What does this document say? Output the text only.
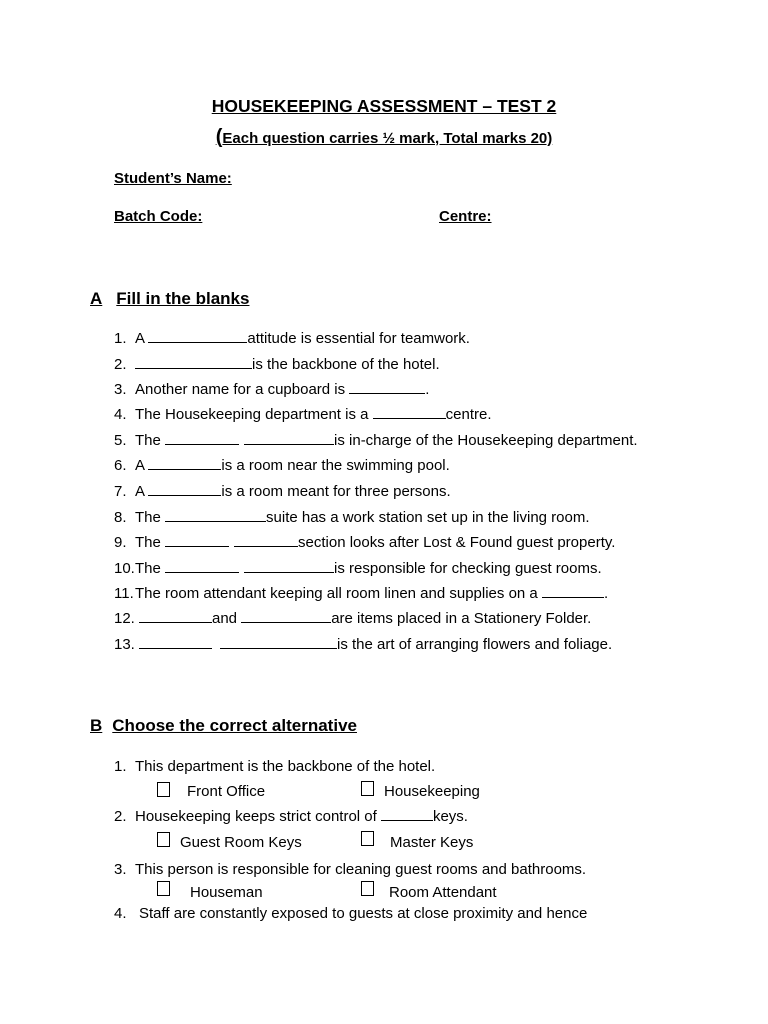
HOUSEKEEPING ASSESSMENT – TEST 2
(Each question carries ½ mark, Total marks 20)
Student’s Name:
Batch Code:	Centre:
A Fill in the blanks
1. A	attitude is essential for teamwork.
2.	is the backbone of the hotel.
3. Another name for a cupboard is	.
4. The Housekeeping department is a	centre.
5. The	is in-charge of the Housekeeping department.
6. A	is a room near the swimming pool.
7. A	is a room meant for three persons.
8. The	suite has a work station set up in the living room.
9. The	section looks after Lost & Found guest property.
10.The	is responsible for checking guest rooms.
11.The room attendant keeping all room linen and supplies on a	.
12.	and	are items placed in a Stationery Folder.
13.	is the art of arranging flowers and foliage.
B Choose the correct alternative
1. This department is the backbone of the hotel.
Front Office	Housekeeping
2. Housekeeping keeps strict control of	keys.
Guest Room Keys	Master Keys
3. This person is responsible for cleaning guest rooms and bathrooms.
Houseman	Room Attendant
4. Staff are constantly exposed to guests at close proximity and hence
